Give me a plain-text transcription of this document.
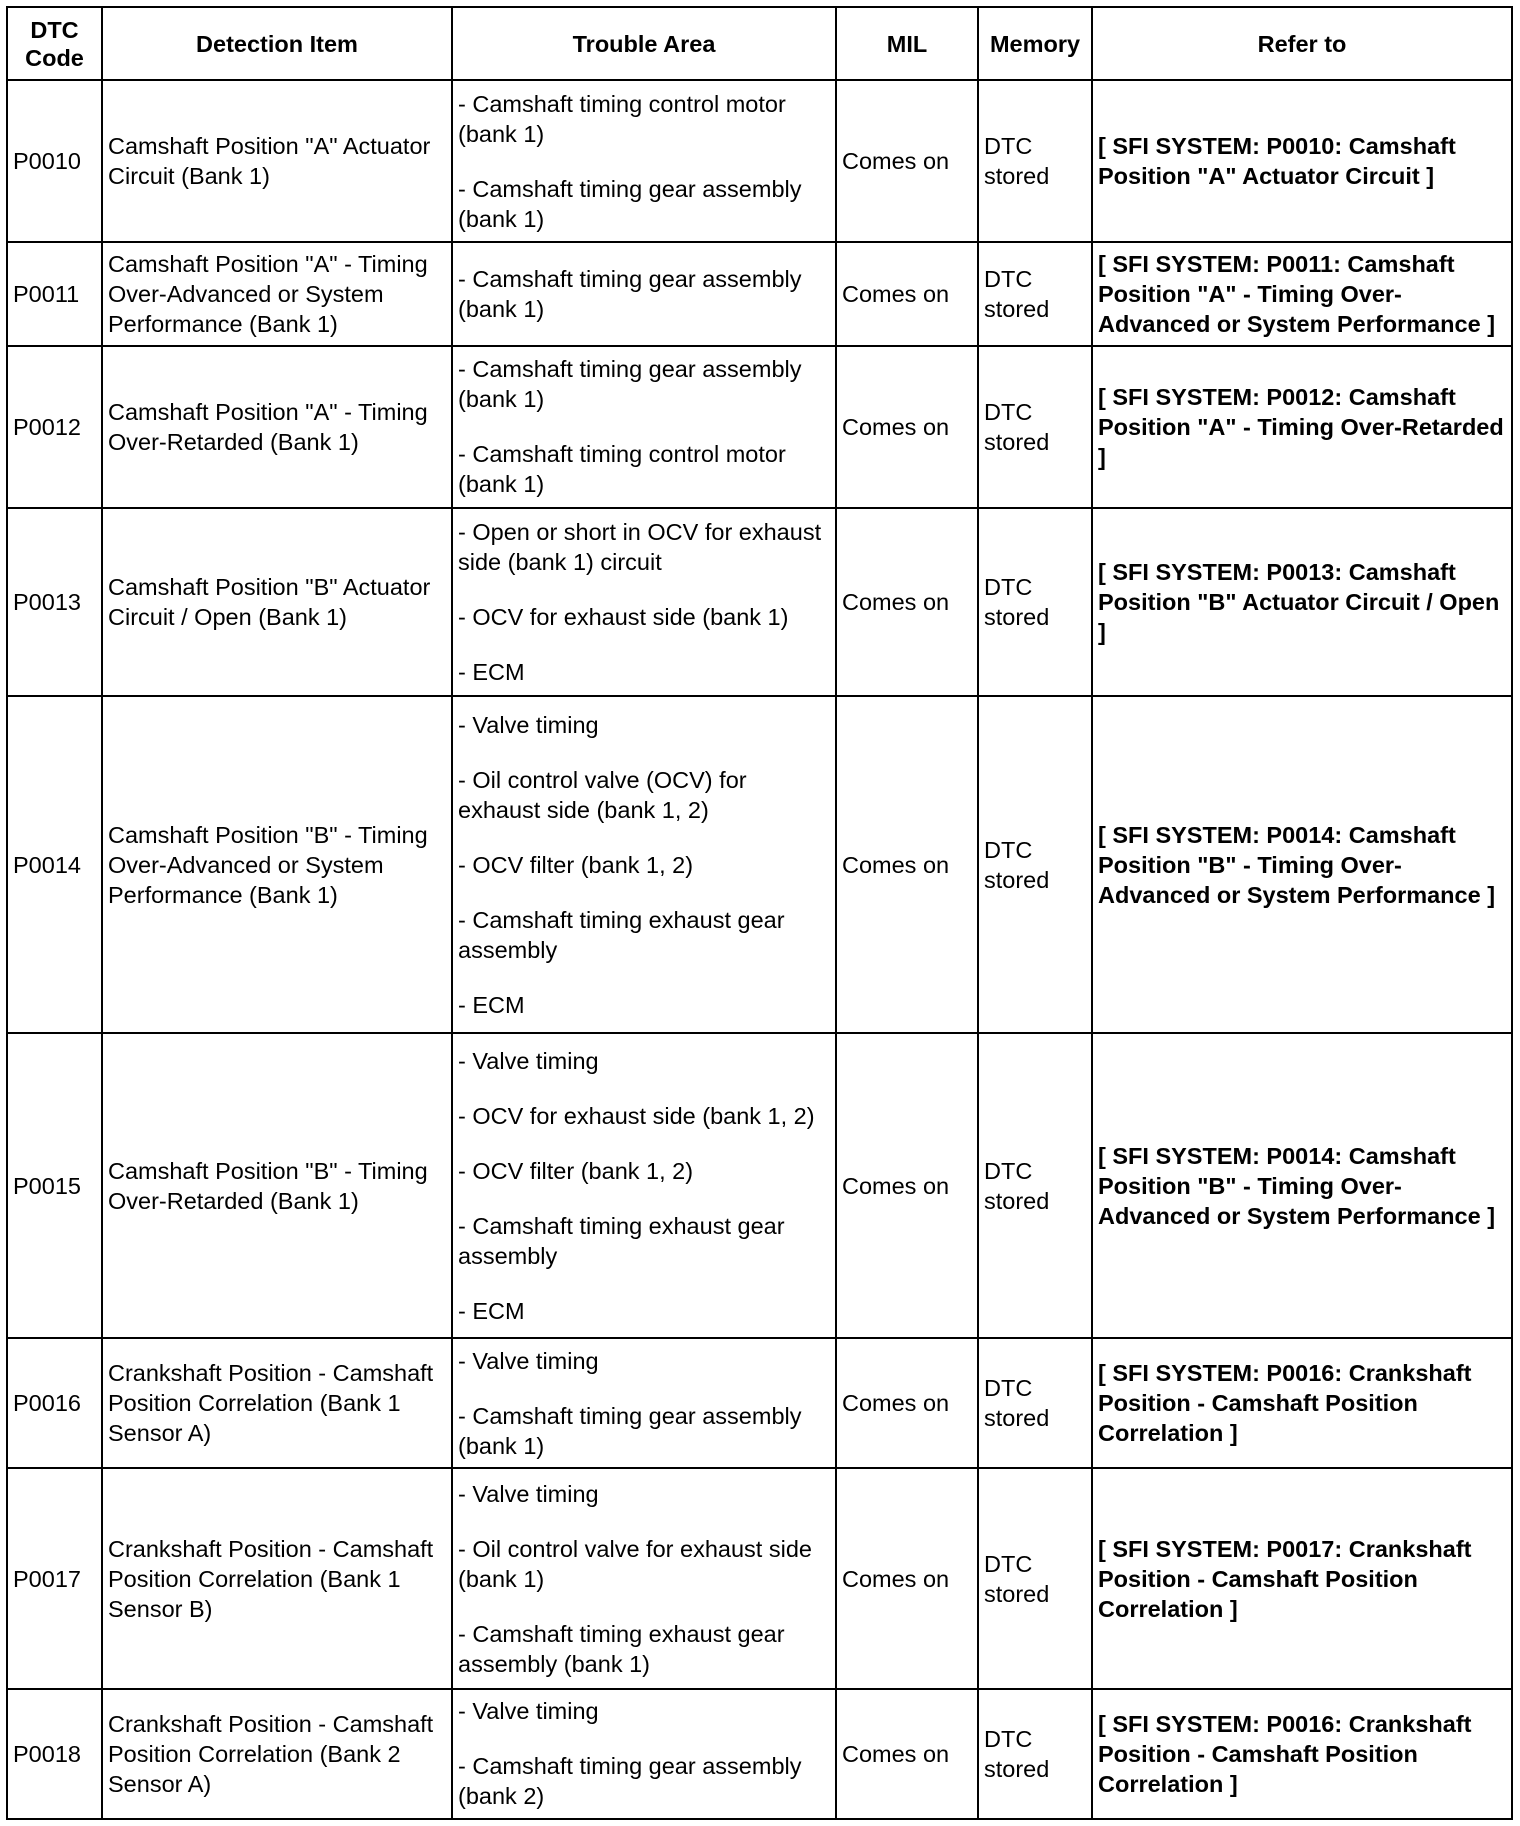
DTC Code	Detection Item	Trouble Area	MIL	Memory	Refer to
P0010	Camshaft Position "A" Actuator Circuit (Bank 1)	- Camshaft timing control motor (bank 1)
- Camshaft timing gear assembly (bank 1)	Comes on	DTC stored	[ SFI SYSTEM: P0010: Camshaft Position "A" Actuator Circuit ]
P0011	Camshaft Position "A" - Timing Over-Advanced or System Performance (Bank 1)	- Camshaft timing gear assembly (bank 1)	Comes on	DTC stored	[ SFI SYSTEM: P0011: Camshaft Position "A" - Timing Over-Advanced or System Performance ]
P0012	Camshaft Position "A" - Timing Over-Retarded (Bank 1)	- Camshaft timing gear assembly (bank 1)
- Camshaft timing control motor (bank 1)	Comes on	DTC stored	[ SFI SYSTEM: P0012: Camshaft Position "A" - Timing Over-Retarded ]
P0013	Camshaft Position "B" Actuator Circuit / Open (Bank 1)	- Open or short in OCV for exhaust side (bank 1) circuit
- OCV for exhaust side (bank 1)
- ECM	Comes on	DTC stored	[ SFI SYSTEM: P0013: Camshaft Position "B" Actuator Circuit / Open ]
P0014	Camshaft Position "B" - Timing Over-Advanced or System Performance (Bank 1)	- Valve timing
- Oil control valve (OCV) for exhaust side (bank 1, 2)
- OCV filter (bank 1, 2)
- Camshaft timing exhaust gear assembly
- ECM	Comes on	DTC stored	[ SFI SYSTEM: P0014: Camshaft Position "B" - Timing Over-Advanced or System Performance ]
P0015	Camshaft Position "B" - Timing Over-Retarded (Bank 1)	- Valve timing
- OCV for exhaust side (bank 1, 2)
- OCV filter (bank 1, 2)
- Camshaft timing exhaust gear assembly
- ECM	Comes on	DTC stored	[ SFI SYSTEM: P0014: Camshaft Position "B" - Timing Over-Advanced or System Performance ]
P0016	Crankshaft Position - Camshaft Position Correlation (Bank 1 Sensor A)	- Valve timing
- Camshaft timing gear assembly (bank 1)	Comes on	DTC stored	[ SFI SYSTEM: P0016: Crankshaft Position - Camshaft Position Correlation ]
P0017	Crankshaft Position - Camshaft Position Correlation (Bank 1 Sensor B)	- Valve timing
- Oil control valve for exhaust side (bank 1)
- Camshaft timing exhaust gear assembly (bank 1)	Comes on	DTC stored	[ SFI SYSTEM: P0017: Crankshaft Position - Camshaft Position Correlation ]
P0018	Crankshaft Position - Camshaft Position Correlation (Bank 2 Sensor A)	- Valve timing
- Camshaft timing gear assembly (bank 2)	Comes on	DTC stored	[ SFI SYSTEM: P0016: Crankshaft Position - Camshaft Position Correlation ]
